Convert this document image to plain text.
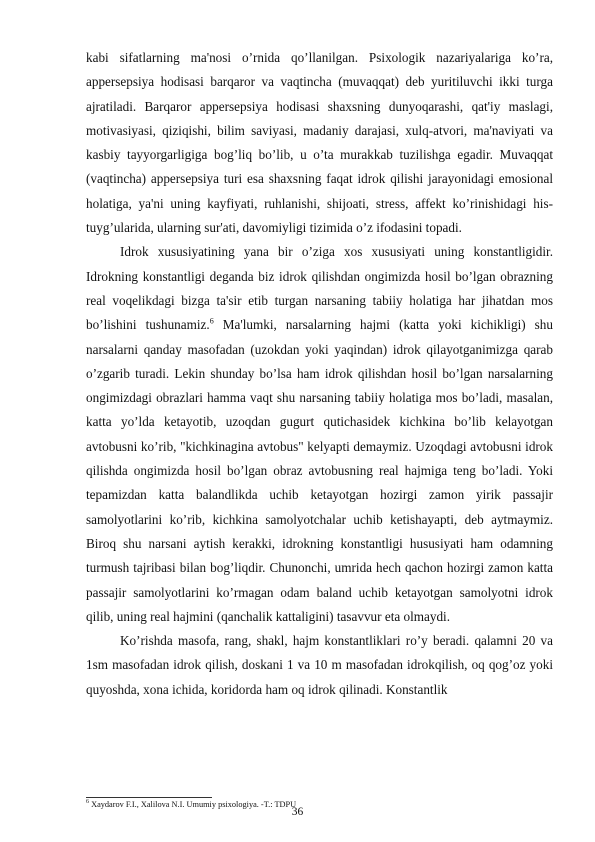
kabi sifatlarning ma'nosi o’rnida qo’llanilgan. Psixologik nazariyalariga ko’ra, appersepsiya hodisasi barqaror va vaqtincha (muvaqqat) deb yuritiluvchi ikki turga ajratiladi. Barqaror appersepsiya hodisasi shaxsning dunyoqarashi, qat'iy maslagi, motivasiyasi, qiziqishi, bilim saviyasi, madaniy darajasi, xulq-atvori, ma'naviyati va kasbiy tayyorgarligiga bog’liq bo’lib, u o’ta murakkab tuzilishga egadir. Muvaqqat (vaqtincha) appersepsiya turi esa shaxsning faqat idrok qilishi jarayonidagi emosional holatiga, ya'ni uning kayfiyati, ruhlanishi, shijoati, stress, affekt ko’rinishidagi his-tuyg’ularida, ularning sur'ati, davomiyligi tizimida o’z ifodasini topadi.

Idrok xususiyatining yana bir o’ziga xos xususiyati uning konstantligidir. Idrokning konstantligi deganda biz idrok qilishdan ongimizda hosil bo’lgan obrazning real voqelikdagi bizga ta'sir etib turgan narsaning tabiiy holatiga har jihatdan mos bo’lishini tushunamiz.$^6$ Ma'lumki, narsalarning hajmi (katta yoki kichikligi) shu narsalarni qanday masofadan (uzokdan yoki yaqindan) idrok qilayotganimizga qarab o’zgarib turadi. Lekin shunday bo’lsa ham idrok qilishdan hosil bo’lgan narsalarning ongimizdagi obrazlari hamma vaqt shu narsaning tabiiy holatiga mos bo’ladi, masalan, katta yo’lda ketayotib, uzoqdan gugurt qutichasidek kichkina bo’lib kelayotgan avtobusni ko’rib, "kichkinagina avtobus" kelyapti demaymiz. Uzoqdagi avtobusni idrok qilishda ongimizda hosil bo’lgan obraz avtobusning real hajmiga teng bo’ladi. Yoki tepamizdan katta balandlikda uchib ketayotgan hozirgi zamon yirik passajir samolyotlarini ko’rib, kichkina samolyotchalar uchib ketishayapti, deb aytmaymiz. Biroq shu narsani aytish kerakki, idrokning konstantligi hususiyati ham odamning turmush tajribasi bilan bog’liqdir. Chunonchi, umrida hech qachon hozirgi zamon katta passajir samolyotlarini ko’rmagan odam baland uchib ketayotgan samolyotni idrok qilib, uning real hajmini (qanchalik kattaligini) tasavvur eta olmaydi.

Ko’rishda masofa, rang, shakl, hajm konstantliklari ro’y beradi. qalamni 20 va 1sm masofadan idrok qilish, doskani 1 va 10 m masofadan idrokqilish, oq qog’oz yoki quyoshda, xona ichida, koridorda ham oq idrok qilinadi. Konstantlik

$^6$ Xaydarov F.I., Xalilova N.I. Umumiy psixologiya. -T.: TDPU
36
